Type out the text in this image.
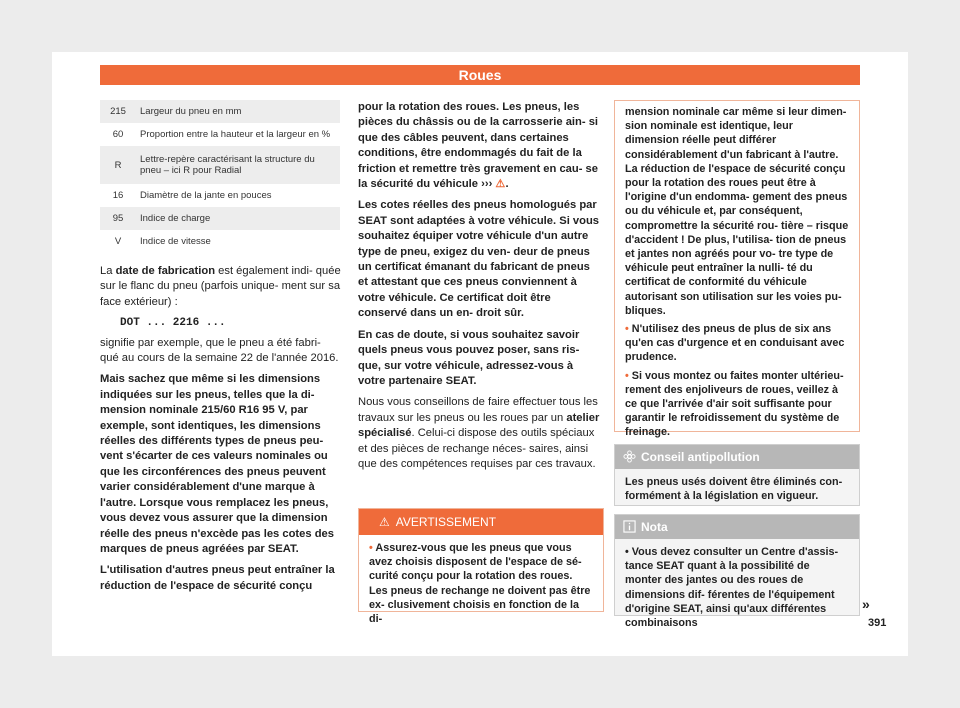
Roues
215	Largeur du pneu en mm
60	Proportion entre la hauteur et la largeur en %
R	Lettre-repère caractérisant la structure du pneu – ici R pour Radial
16	Diamètre de la jante en pouces
95	Indice de charge
V	Indice de vitesse

La date de fabrication est également indi- quée sur le flanc du pneu (parfois unique- ment sur sa face extérieur) :

DOT ... 2216 ...

signifie par exemple, que le pneu a été fabri- qué au cours de la semaine 22 de l'année 2016.

Mais sachez que même si les dimensions indiquées sur les pneus, telles que la di- mension nominale 215/60 R16 95 V, par exemple, sont identiques, les dimensions réelles des différents types de pneus peu- vent s'écarter de ces valeurs nominales ou que les circonférences des pneus peuvent varier considérablement d'une marque à l'autre. Lorsque vous remplacez les pneus, vous devez vous assurer que la dimension réelle des pneus n'excède pas les cotes des marques de pneus agréées par SEAT.

L'utilisation d'autres pneus peut entraîner la réduction de l'espace de sécurité conçu

pour la rotation des roues. Les pneus, les pièces du châssis ou de la carrosserie ain- si que des câbles peuvent, dans certaines conditions, être endommagés du fait de la friction et remettre très gravement en cau- se la sécurité du véhicule ››› ⚠.

Les cotes réelles des pneus homologués par SEAT sont adaptées à votre véhicule. Si vous souhaitez équiper votre véhicule d'un autre type de pneu, exigez du ven- deur de pneus un certificat émanant du fabricant de pneus et attestant que ces pneus conviennent à votre véhicule. Ce certificat doit être conservé dans un en- droit sûr.

En cas de doute, si vous souhaitez savoir quels pneus vous pouvez poser, sans ris- que, sur votre véhicule, adressez-vous à votre partenaire SEAT.

Nous vous conseillons de faire effectuer tous les travaux sur les pneus ou les roues par un atelier spécialisé. Celui-ci dispose des outils spéciaux et des pièces de rechange néces- saires, ainsi que des compétences requises par ces travaux.

⚠ AVERTISSEMENT
• Assurez-vous que les pneus que vous avez choisis disposent de l'espace de sé- curité conçu pour la rotation des roues. Les pneus de rechange ne doivent pas être ex- clusivement choisis en fonction de la di-
mension nominale car même si leur dimen- sion nominale est identique, leur dimension réelle peut différer considérablement d'un fabricant à l'autre. La réduction de l'espace de sécurité conçu pour la rotation des roues peut être à l'origine d'un endomma- gement des pneus ou du véhicule et, par conséquent, compromettre la sécurité rou- tière – risque d'accident ! De plus, l'utilisa- tion de pneus et jantes non agréés pour vo- tre type de véhicule peut entraîner la nulli- té du certificat de conformité du véhicule autorisant son utilisation sur les voies pu- bliques.
• N'utilisez des pneus de plus de six ans qu'en cas d'urgence et en conduisant avec prudence.
• Si vous montez ou faites monter ultérieu- rement des enjoliveurs de roues, veillez à ce que l'arrivée d'air soit suffisante pour garantir le refroidissement du système de freinage.
Conseil antipollution
Les pneus usés doivent être éliminés con- formément à la législation en vigueur.
Nota
• Vous devez consulter un Centre d'assis- tance SEAT quant à la possibilité de monter des jantes ou des roues de dimensions dif- férentes de l'équipement d'origine SEAT, ainsi qu'aux différentes combinaisons
»
391
